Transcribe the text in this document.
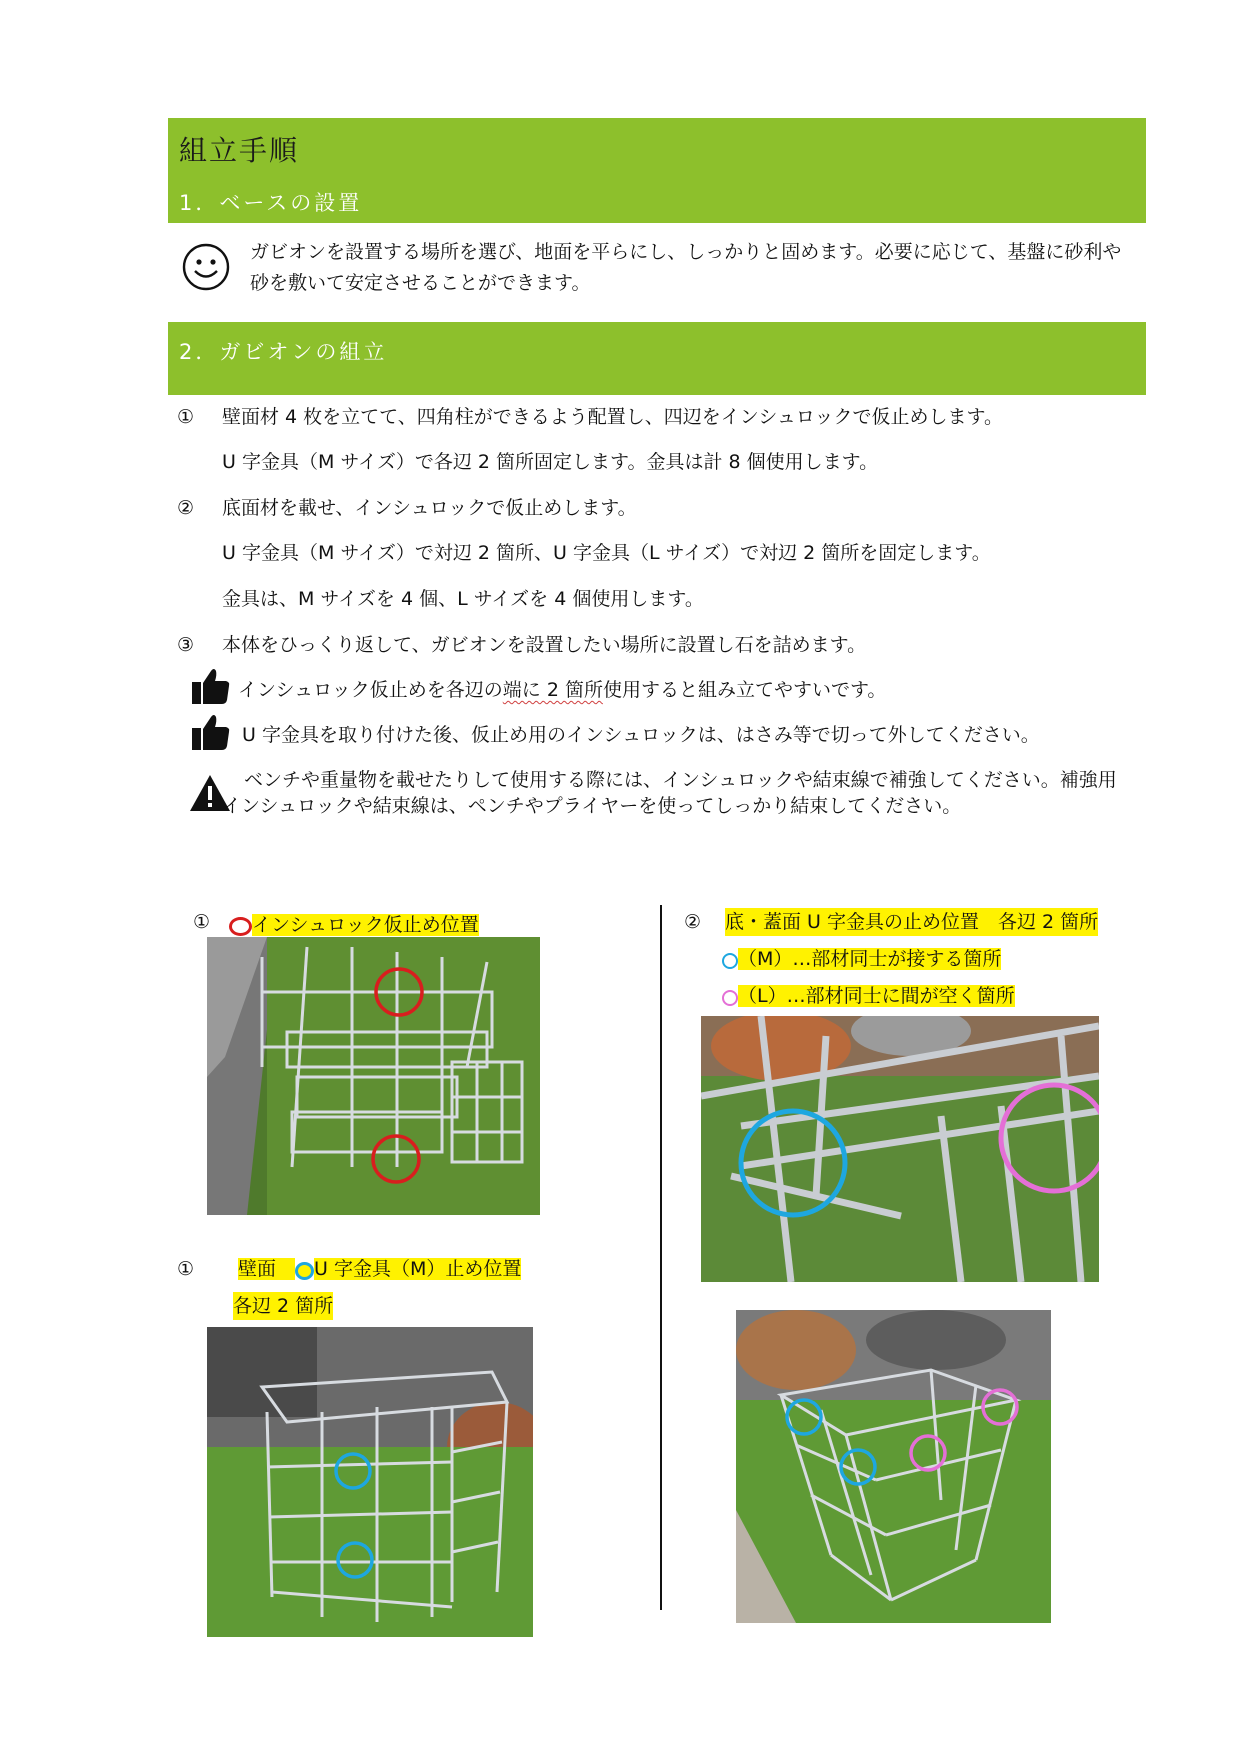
組立手順
1．ベースの設置
ガビオンを設置する場所を選び、地面を平らにし、しっかりと固めます。必要に応じて、基盤に砂利や砂を敷いて安定させることができます。
2．ガビオンの組立
① 壁面材 4 枚を立てて、四角柱ができるよう配置し、四辺をインシュロックで仮止めします。
U 字金具（M サイズ）で各辺 2 箇所固定します。金具は計 8 個使用します。
② 底面材を載せ、インシュロックで仮止めします。
U 字金具（M サイズ）で対辺 2 箇所、U 字金具（L サイズ）で対辺 2 箇所を固定します。
金具は、M サイズを 4 個、L サイズを 4 個使用します。
③ 本体をひっくり返して、ガビオンを設置したい場所に設置し石を詰めます。
インシュロック仮止めを各辺の端に 2 箇所使用すると組み立てやすいです。
U 字金具を取り付けた後、仮止め用のインシュロックは、はさみ等で切って外してください。
ベンチや重量物を載せたりして使用する際には、インシュロックや結束線で補強してください。補強用インシュロックや結束線は、ペンチやプライヤーを使ってしっかり結束してください。
①	インシュロック仮止め位置
① 壁面　U 字金具（M）止め位置
各辺 2 箇所
② 底・蓋面 U 字金具の止め位置　各辺 2 箇所
（M）…部材同士が接する箇所
（L）…部材同士に間が空く箇所
